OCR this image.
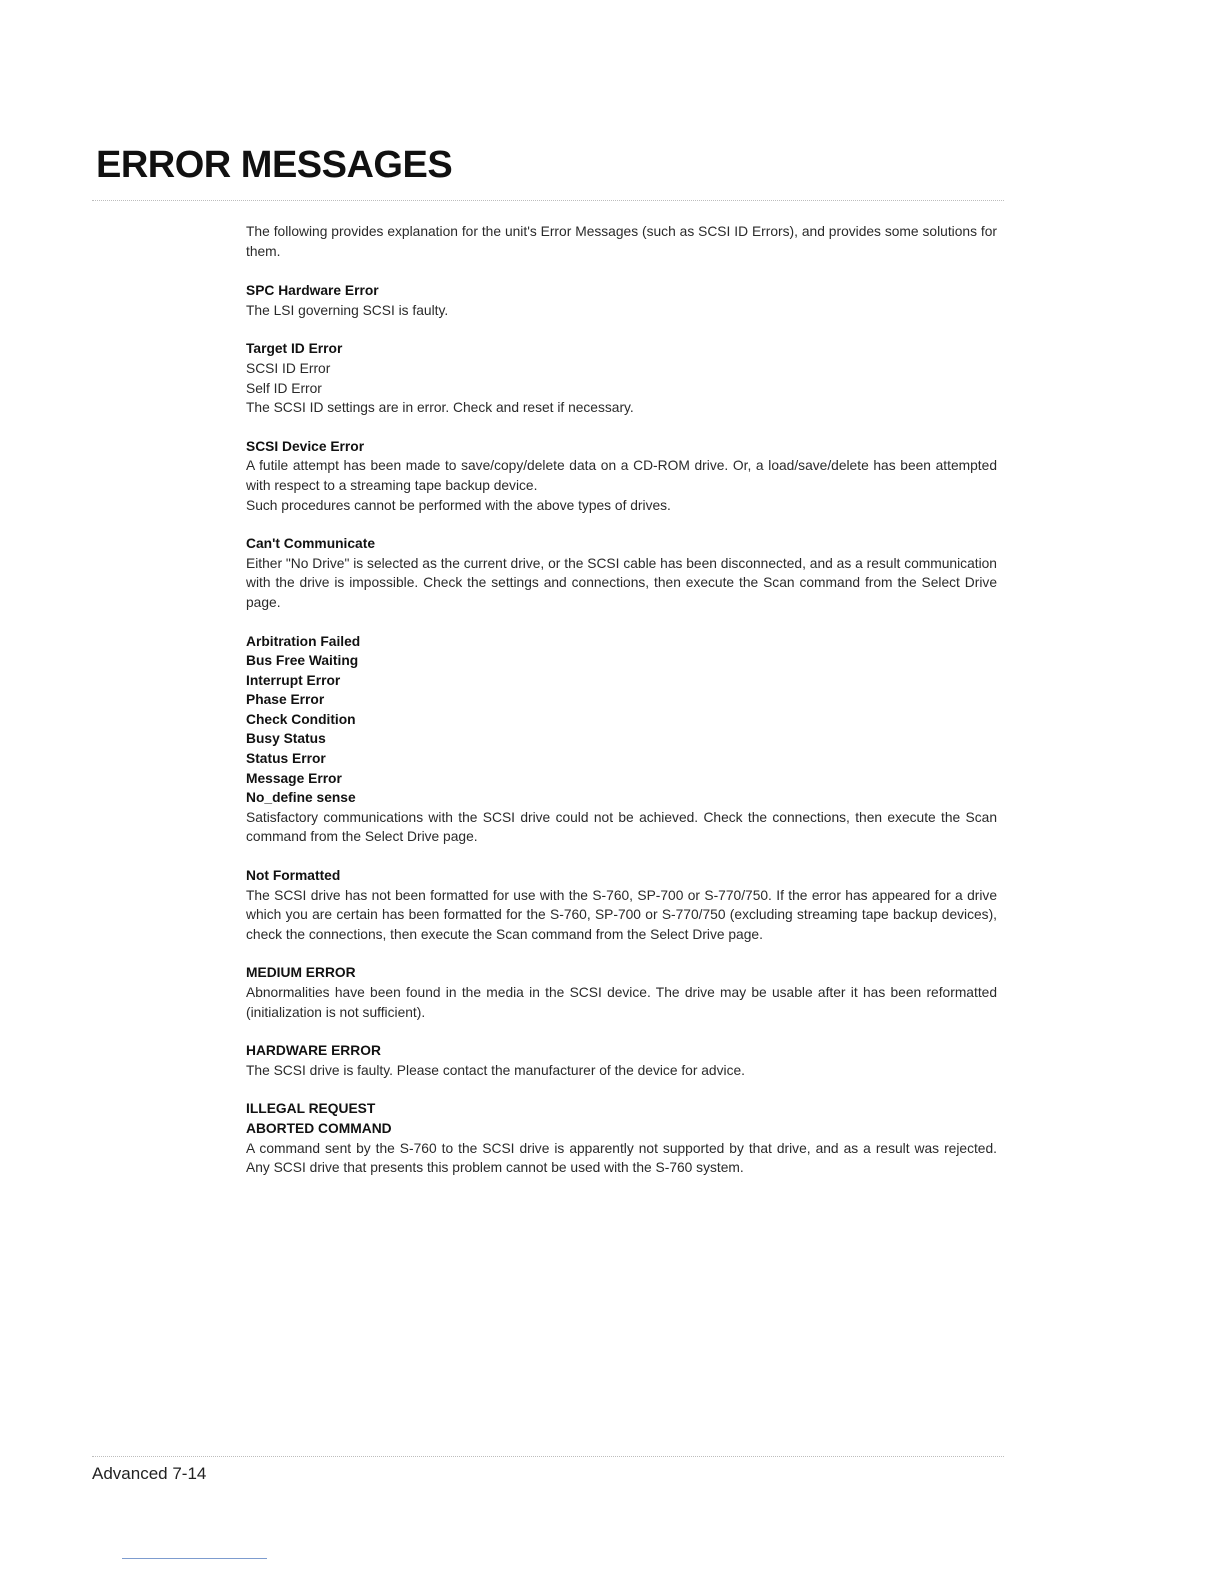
ERROR MESSAGES

The following provides explanation for the unit's Error Messages (such as SCSI ID Errors), and provides some solutions for them.

SPC Hardware Error

The LSI governing SCSI is faulty.

Target ID Error

SCSI ID Error

Self ID Error

The SCSI ID settings are in error. Check and reset if necessary.

SCSI Device Error

A futile attempt has been made to save/copy/delete data on a CD-ROM drive. Or, a load/save/delete has been attempted with respect to a streaming tape backup device.

Such procedures cannot be performed with the above types of drives.

Can't Communicate

Either "No Drive" is selected as the current drive, or the SCSI cable has been disconnected, and as a result communication with the drive is impossible. Check the settings and connections, then execute the Scan command from the Select Drive page.

Arbitration Failed

Bus Free Waiting

Interrupt Error

Phase Error

Check Condition

Busy Status

Status Error

Message Error

No_define sense

Satisfactory communications with the SCSI drive could not be achieved. Check the connections, then execute the Scan command from the Select Drive page.

Not Formatted

The SCSI drive has not been formatted for use with the S-760, SP-700 or S-770/750. If the error has appeared for a drive which you are certain has been formatted for the S-760, SP-700 or S-770/750 (excluding streaming tape backup devices), check the connections, then execute the Scan command from the Select Drive page.

MEDIUM ERROR

Abnormalities have been found in the media in the SCSI device. The drive may be usable after it has been reformatted (initialization is not sufficient).

HARDWARE ERROR

The SCSI drive is faulty. Please contact the manufacturer of the device for advice.

ILLEGAL REQUEST

ABORTED COMMAND

A command sent by the S-760 to the SCSI drive is apparently not supported by that drive, and as a result was rejected. Any SCSI drive that presents this problem cannot be used with the S-760 system.

Advanced 7-14
